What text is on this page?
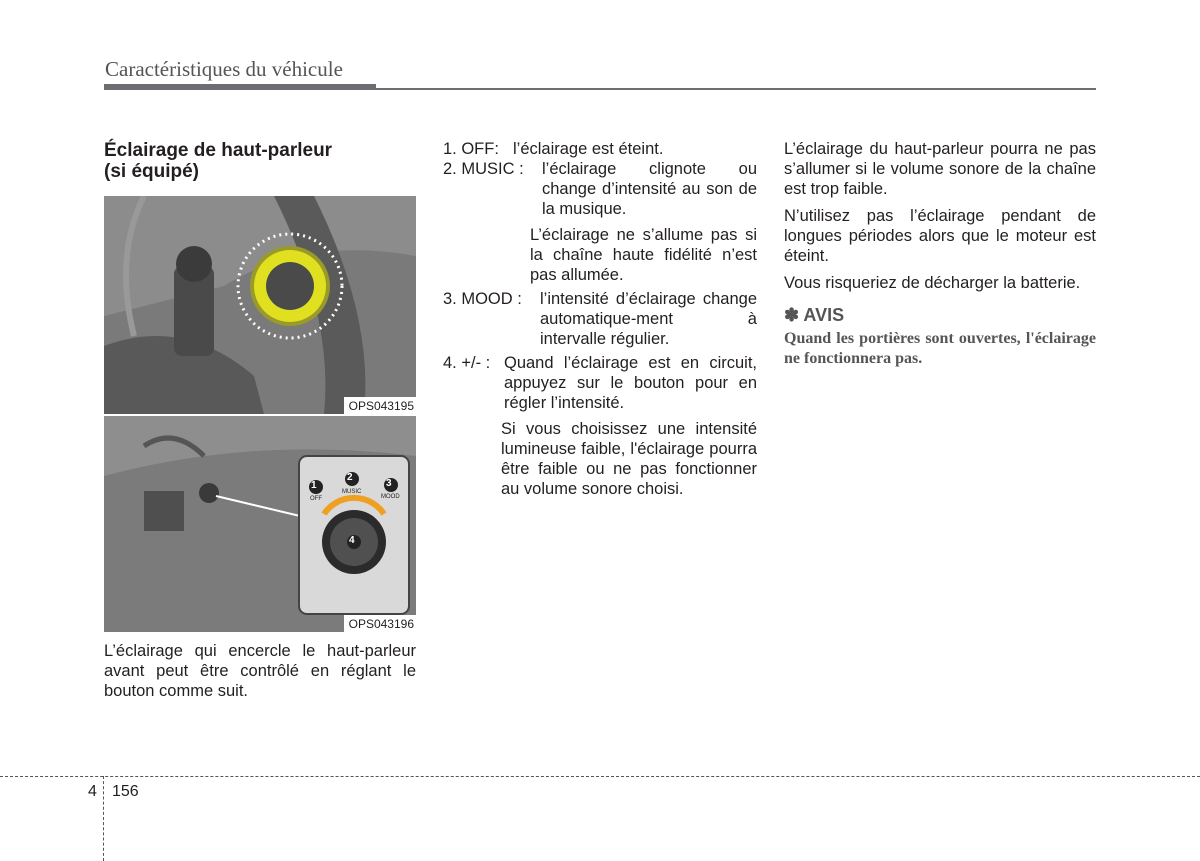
Caractéristiques du véhicule
Éclairage de haut-parleur
(si équipé)
OPS043195
1
2
3
4
OFF
MUSIC
MOOD
OPS043196
L’éclairage qui encercle le haut-parleur avant peut être contrôlé en réglant le bouton comme suit.
1. OFF: l’éclairage est éteint.
2. MUSIC :	l’éclairage clignote ou change d’intensité au son de la musique.
L’éclairage ne s’allume pas si la chaîne haute fidélité n’est pas allumée.
3. MOOD :	l’intensité d’éclairage change automatique-ment à intervalle régulier.
4. +/- : Quand l’éclairage est en circuit, appuyez sur le bouton pour en régler l’intensité.
Si vous choisissez une intensité lumineuse faible, l'éclairage pourra être faible ou ne pas fonctionner au volume sonore choisi.

L’éclairage du haut-parleur pourra ne pas s’allumer si le volume sonore de la chaîne est trop faible.

N’utilisez pas l’éclairage pendant de longues périodes alors que le moteur est éteint.

Vous risqueriez de décharger la batterie.

✽ AVIS
Quand les portières sont ouvertes, l'éclairage ne fonctionnera pas.
4 156
